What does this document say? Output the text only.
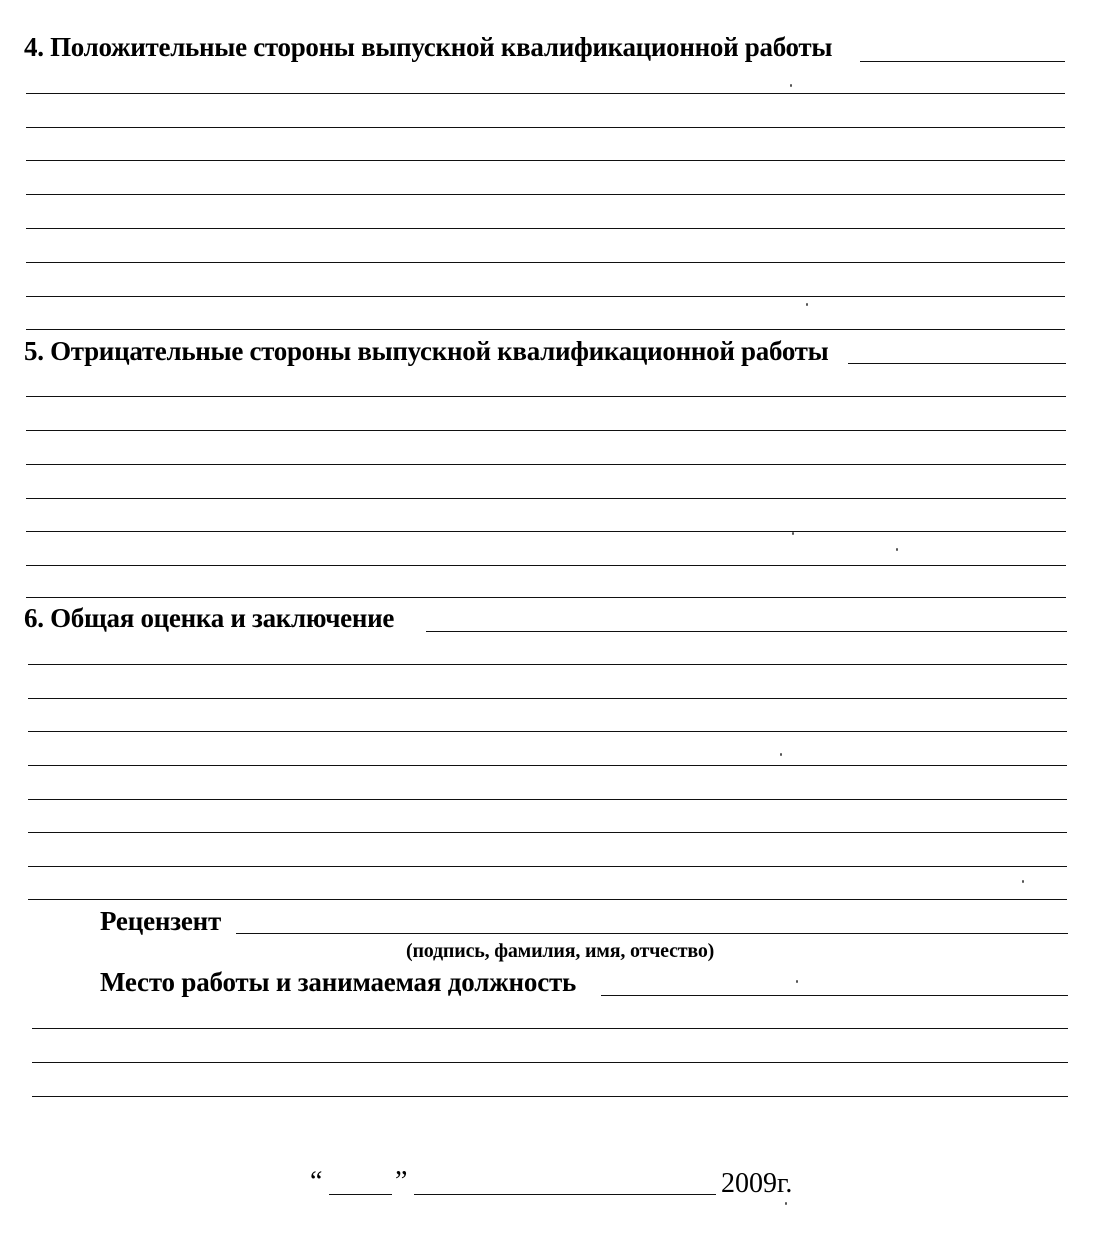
4. Положительные стороны выпускной квалификационной работы
5. Отрицательные стороны выпускной квалификационной работы
6. Общая оценка и заключение
Рецензент
(подпись, фамилия, имя, отчество)
Место работы и занимаемая должность
“	”	2009г.
